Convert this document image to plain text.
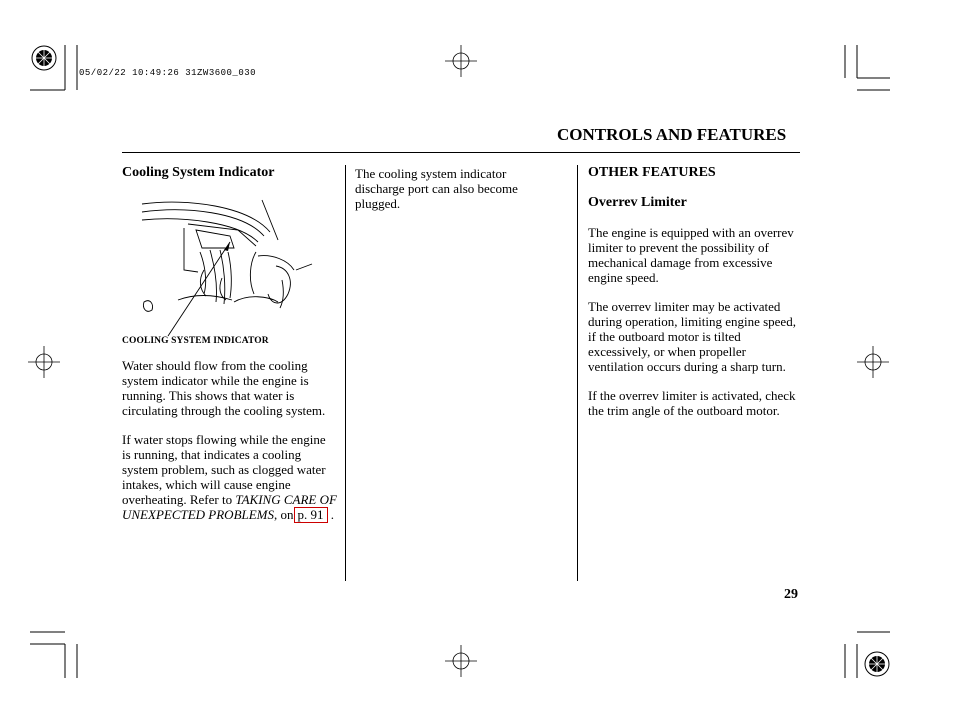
05/02/22 10:49:26 31ZW3600_030
CONTROLS AND FEATURES
Cooling System Indicator
COOLING SYSTEM INDICATOR

Water should flow from the cooling system indicator while the engine is running. This shows that water is circulating through the cooling system.

If water stops flowing while the engine is running, that indicates a cooling system problem, such as clogged water intakes, which will cause engine overheating. Refer to TAKING CARE OF UNEXPECTED PROBLEMS, on p. 91 .

The cooling system indicator discharge port can also become plugged.
OTHER FEATURES
Overrev Limiter

The engine is equipped with an overrev limiter to prevent the possibility of mechanical damage from excessive engine speed.

The overrev limiter may be activated during operation, limiting engine speed, if the outboard motor is tilted excessively, or when propeller ventilation occurs during a sharp turn.

If the overrev limiter is activated, check the trim angle of the outboard motor.

29
